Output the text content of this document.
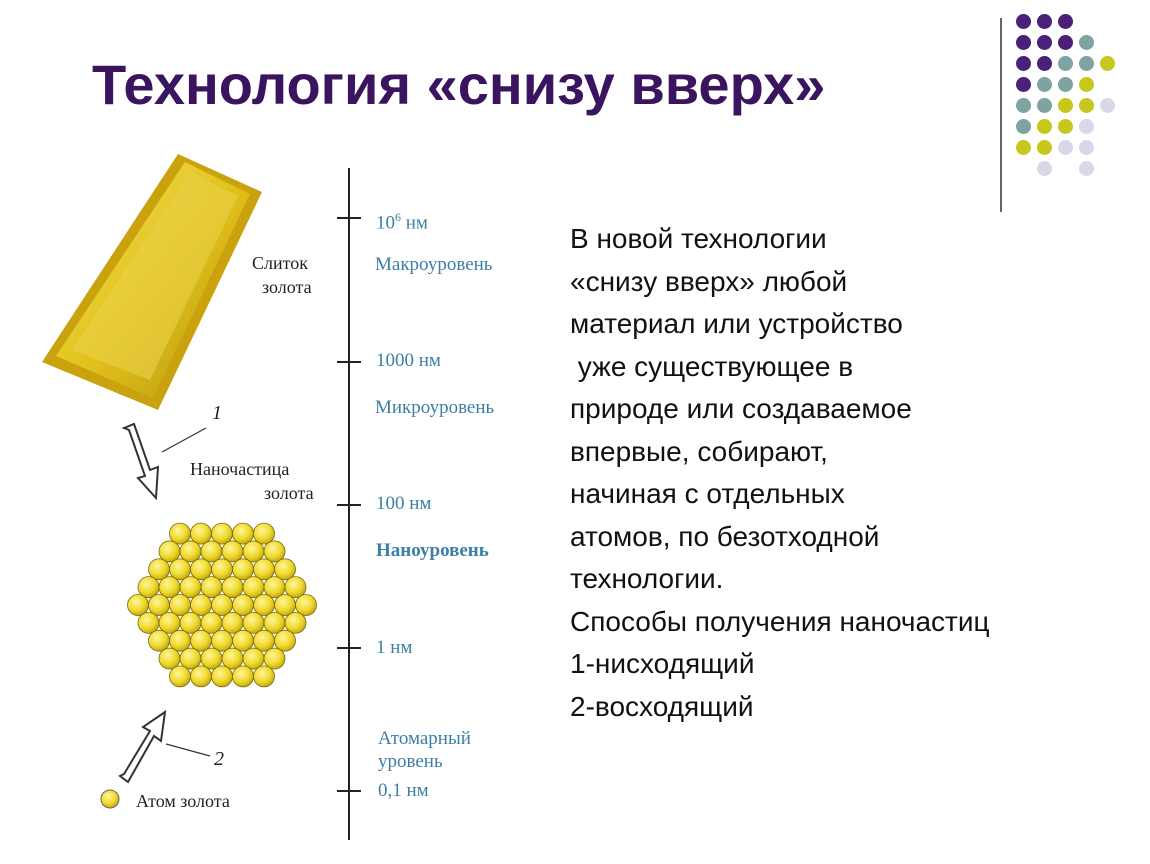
Технология «снизу вверх»
В новой технологии
«снизу вверх» любой
материал или устройство
уже существующее в
природе или создаваемое
впервые, собирают,
начиная с отдельных
атомов, по безотходной
технологии.
Способы получения наночастиц
1-нисходящий
2-восходящий
Слиток
золота
1
Наночастица
золота
2
Атом золота
$10^6$ нм
Макроуровень
1000 нм
Микроуровень
100 нм
Наноуровень
1 нм
Атомарный
уровень
0,1 нм
